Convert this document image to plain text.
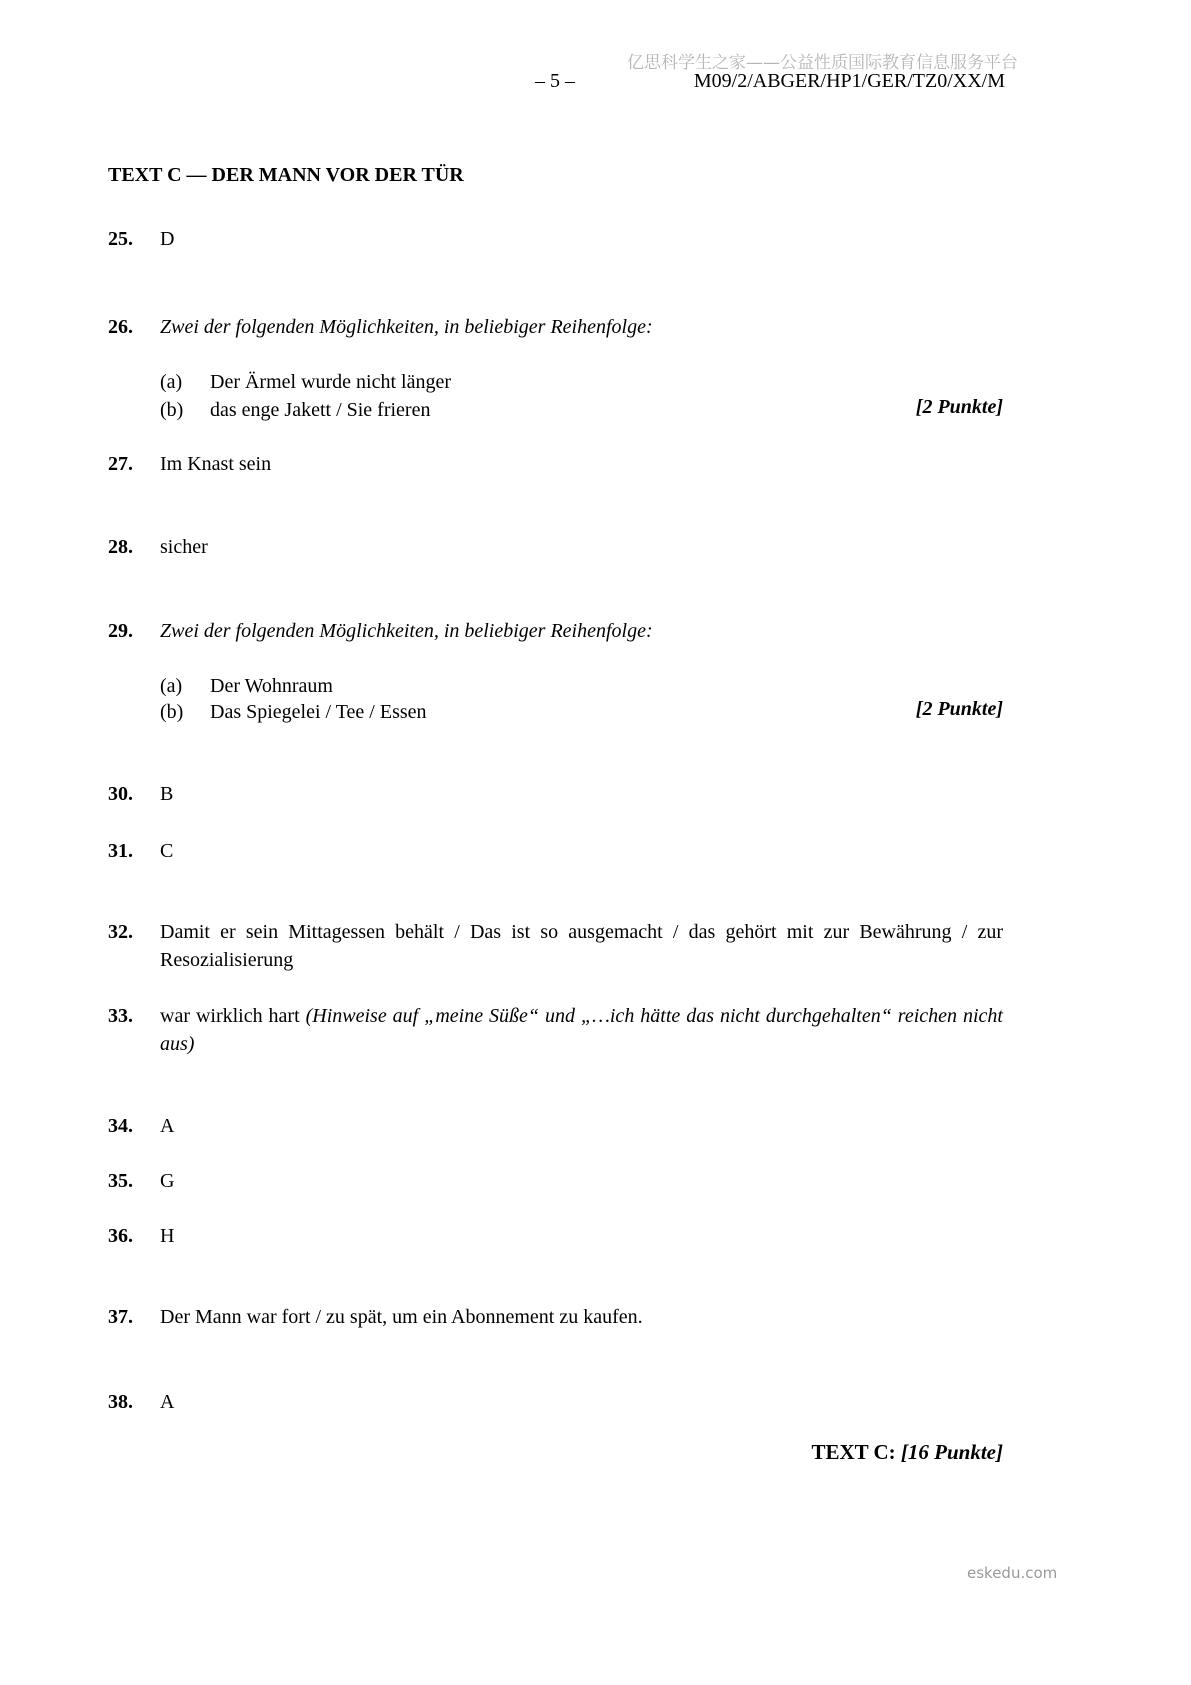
亿思科学生之家——公益性质国际教育信息服务平台
– 5 –	M09/2/ABGER/HP1/GER/TZ0/XX/M
TEXT C — DER MANN VOR DER TÜR
25.	D
26.	Zwei der folgenden Möglichkeiten, in beliebiger Reihenfolge:
(a)	Der Ärmel wurde nicht länger
(b)	das enge Jakett / Sie frieren	[2 Punkte]
27.	Im Knast sein
28.	sicher
29.	Zwei der folgenden Möglichkeiten, in beliebiger Reihenfolge:
(a)	Der Wohnraum
(b)	Das Spiegelei / Tee / Essen	[2 Punkte]
30.	B
31.	C
32.	Damit er sein Mittagessen behält / Das ist so ausgemacht / das gehört mit zur Bewährung / zur Resozialisierung
33.	war wirklich hart (Hinweise auf „meine Süße“ und „…ich hätte das nicht durchgehalten“ reichen nicht aus)
34.	A
35.	G
36.	H
37.	Der Mann war fort / zu spät, um ein Abonnement zu kaufen.
38.	A
TEXT C: [16 Punkte]
eskedu.com
